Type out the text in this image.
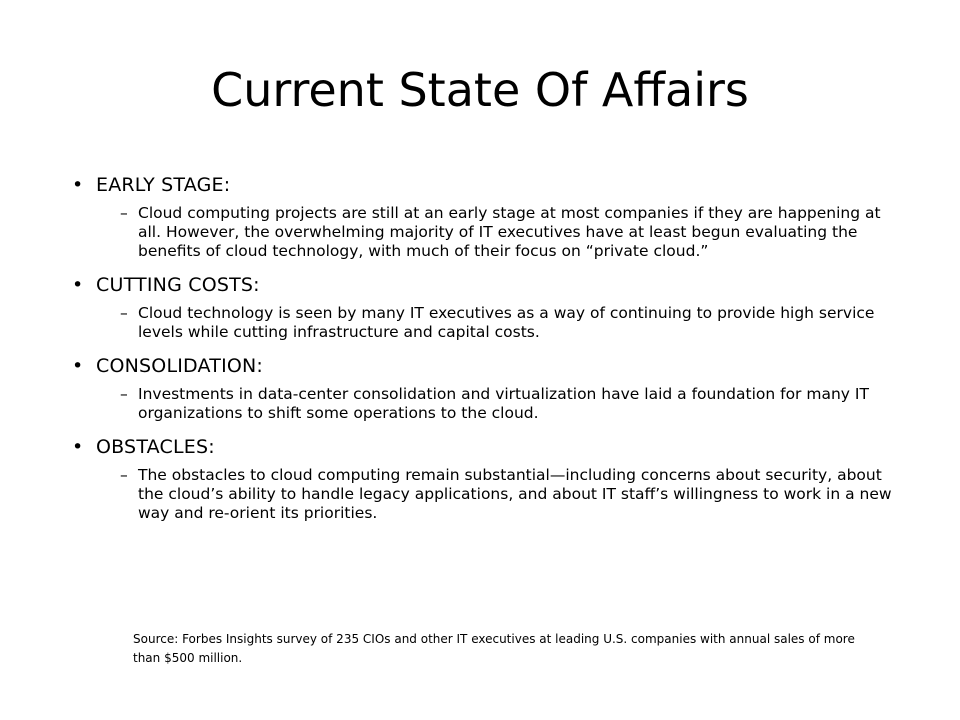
Current State Of Affairs
• EARLY STAGE:
– Cloud computing projects are still at an early stage at most companies if they are happening at all. However, the overwhelming majority of IT executives have at least begun evaluating the benefits of cloud technology, with much of their focus on “private cloud.”
• CUTTING COSTS:
– Cloud technology is seen by many IT executives as a way of continuing to provide high service levels while cutting infrastructure and capital costs.
• CONSOLIDATION:
– Investments in data-center consolidation and virtualization have laid a foundation for many IT organizations to shift some operations to the cloud.
• OBSTACLES:
– The obstacles to cloud computing remain substantial—including concerns about security, about the cloud’s ability to handle legacy applications, and about IT staff’s willingness to work in a new way and re-orient its priorities.

Source: Forbes Insights survey of 235 CIOs and other IT executives at leading U.S. companies with annual sales of more than $500 million.
